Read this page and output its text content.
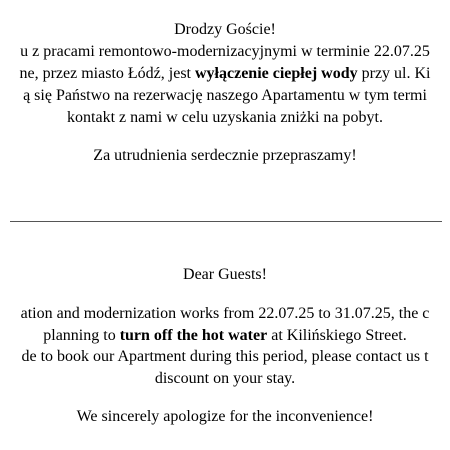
Drodzy Goście!

u z pracami remontowo-modernizacyjnymi w terminie 22.07.25

ne, przez miasto Łódź, jest wyłączenie ciepłej wody przy ul. Ki

ą się Państwo na rezerwację naszego Apartamentu w tym termi

kontakt z nami w celu uzyskania zniżki na pobyt.

Za utrudnienia serdecznie przepraszamy!

Dear Guests!

ation and modernization works from 22.07.25 to 31.07.25, the c

planning to turn off the hot water at Kilińskiego Street.

de to book our Apartment during this period, please contact us t

discount on your stay.

We sincerely apologize for the inconvenience!
